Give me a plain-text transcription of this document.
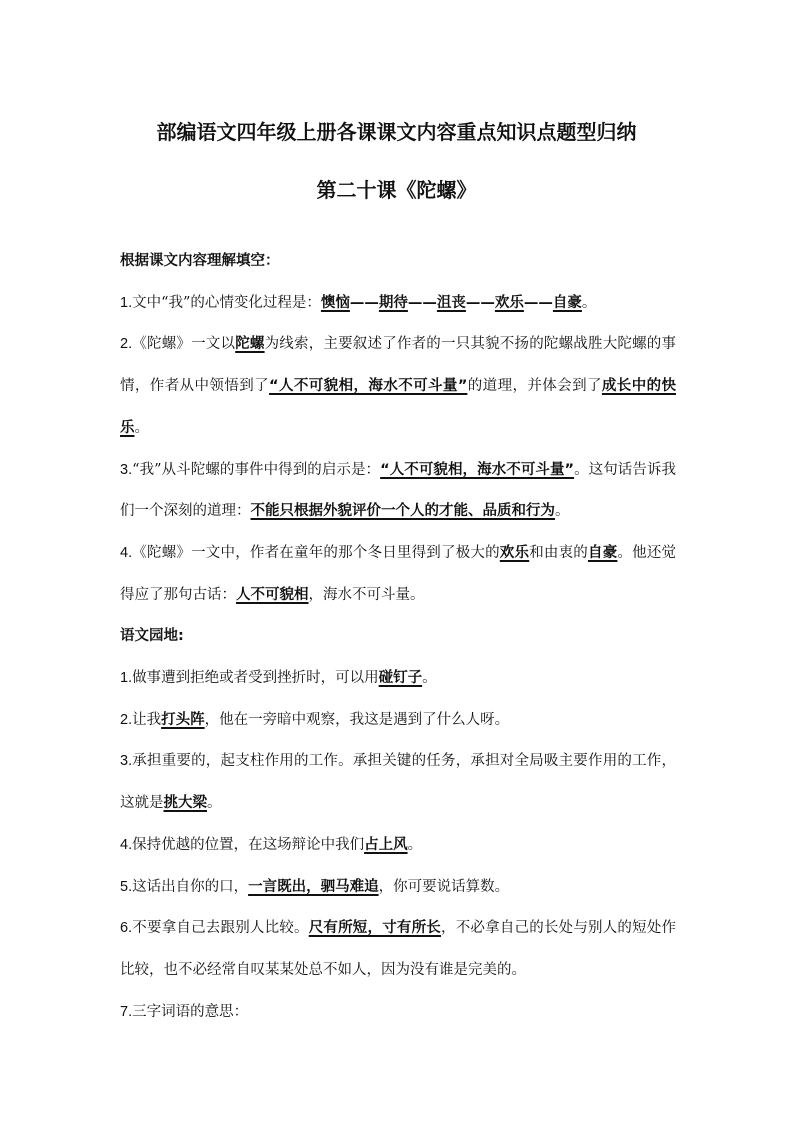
部编语文四年级上册各课课文内容重点知识点题型归纳
第二十课《陀螺》

根据课文内容理解填空：

1.文中“我”的心情变化过程是：懊恼——期待——沮丧——欢乐——自豪。

2.《陀螺》一文以陀螺为线索，主要叙述了作者的一只其貌不扬的陀螺战胜大陀螺的事情，作者从中领悟到了“人不可貌相，海水不可斗量”的道理，并体会到了成长中的快乐。

3.“我”从斗陀螺的事件中得到的启示是：“人不可貌相，海水不可斗量”。这句话告诉我们一个深刻的道理：不能只根据外貌评价一个人的才能、品质和行为。

4.《陀螺》一文中，作者在童年的那个冬日里得到了极大的欢乐和由衷的自豪。他还觉得应了那句古话：人不可貌相，海水不可斗量。

语文园地:

1.做事遭到拒绝或者受到挫折时，可以用碰钉子。

2.让我打头阵，他在一旁暗中观察，我这是遇到了什么人呀。

3.承担重要的，起支柱作用的工作。承担关键的任务，承担对全局吸主要作用的工作，这就是挑大梁。

4.保持优越的位置，在这场辩论中我们占上风。

5.这话出自你的口，一言既出，驷马难追，你可要说话算数。

6.不要拿自己去跟别人比较。尺有所短，寸有所长，不必拿自己的长处与别人的短处作比较，也不必经常自叹某某处总不如人，因为没有谁是完美的。

7.三字词语的意思：
